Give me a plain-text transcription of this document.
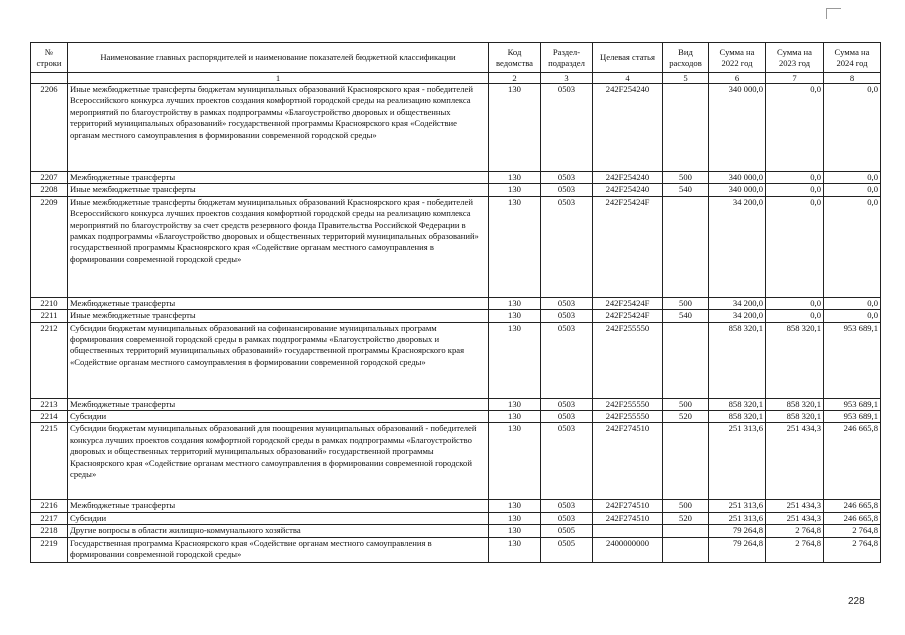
№ строки	Наименование главных распорядителей и наименование показателей бюджетной классификации	Код ведомства	Раздел-подраздел	Целевая статья	Вид расходов	Сумма на 2022 год	Сумма на 2023 год	Сумма на 2024 год
	1	2	3	4	5	6	7	8
2206	Иные межбюджетные трансферты бюджетам муниципальных образований Красноярского края - победителей Всероссийского конкурса лучших проектов создания комфортной городской среды на реализацию комплекса мероприятий по благоустройству в рамках подпрограммы «Благоустройство дворовых и общественных территорий муниципальных образований» государственной программы Красноярского края «Содействие органам местного самоуправления в формировании современной городской среды»	130	0503	242F254240		340 000,0	0,0	0,0
2207	Межбюджетные трансферты	130	0503	242F254240	500	340 000,0	0,0	0,0
2208	Иные межбюджетные трансферты	130	0503	242F254240	540	340 000,0	0,0	0,0
2209	Иные межбюджетные трансферты бюджетам муниципальных образований Красноярского края - победителей Всероссийского конкурса лучших проектов создания комфортной городской среды на реализацию комплекса мероприятий по благоустройству за счет средств резервного фонда Правительства Российской Федерации в рамках подпрограммы «Благоустройство дворовых и общественных территорий муниципальных образований» государственной программы Красноярского края «Содействие органам местного самоуправления в формировании современной городской среды»	130	0503	242F25424F		34 200,0	0,0	0,0
2210	Межбюджетные трансферты	130	0503	242F25424F	500	34 200,0	0,0	0,0
2211	Иные межбюджетные трансферты	130	0503	242F25424F	540	34 200,0	0,0	0,0
2212	Субсидии бюджетам муниципальных образований на софинансирование муниципальных программ формирования современной городской среды в рамках подпрограммы «Благоустройство дворовых и общественных территорий муниципальных образований» государственной программы Красноярского края «Содействие органам местного самоуправления в формировании современной городской среды»	130	0503	242F255550		858 320,1	858 320,1	953 689,1
2213	Межбюджетные трансферты	130	0503	242F255550	500	858 320,1	858 320,1	953 689,1
2214	Субсидии	130	0503	242F255550	520	858 320,1	858 320,1	953 689,1
2215	Субсидии бюджетам муниципальных образований для поощрения муниципальных образований - победителей конкурса лучших проектов создания комфортной городской среды в рамках подпрограммы «Благоустройство дворовых и общественных территорий муниципальных образований» государственной программы Красноярского края «Содействие органам местного самоуправления в формировании современной городской среды»	130	0503	242F274510		251 313,6	251 434,3	246 665,8
2216	Межбюджетные трансферты	130	0503	242F274510	500	251 313,6	251 434,3	246 665,8
2217	Субсидии	130	0503	242F274510	520	251 313,6	251 434,3	246 665,8
2218	Другие вопросы в области жилищно-коммунального хозяйства	130	0505			79 264,8	2 764,8	2 764,8
2219	Государственная программа Красноярского края «Содействие органам местного самоуправления в формировании современной городской среды»	130	0505	2400000000		79 264,8	2 764,8	2 764,8
228
